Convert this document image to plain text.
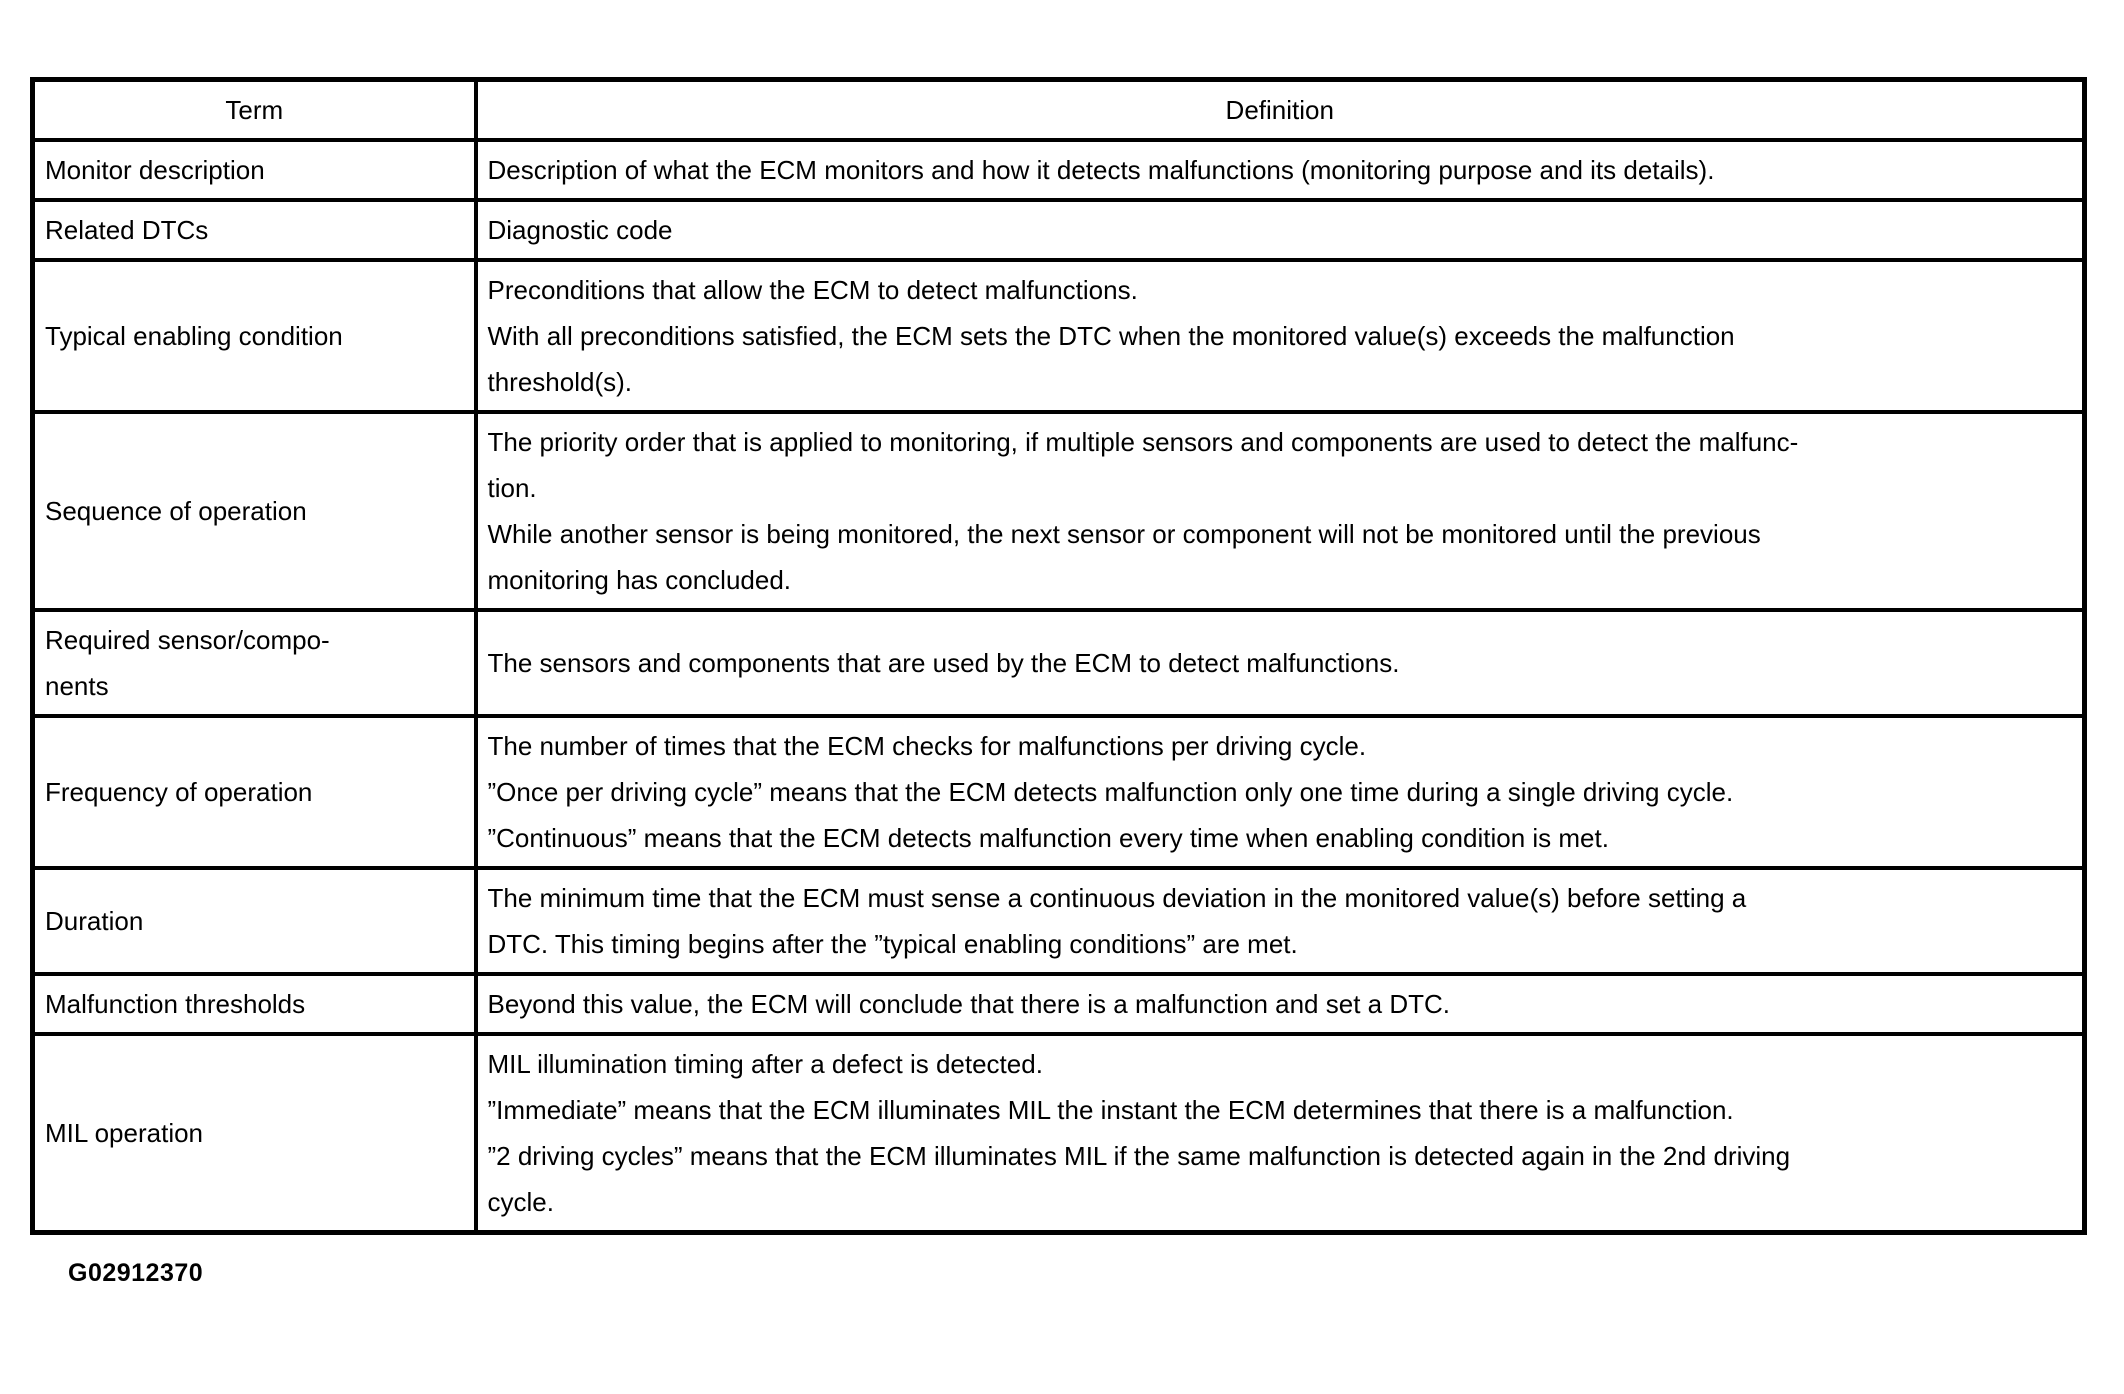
Term	Definition

Monitor description	Description of what the ECM monitors and how it detects malfunctions (monitoring purpose and its details).

Related DTCs	Diagnostic code

Typical enabling condition	Preconditions that allow the ECM to detect malfunctions.
With all preconditions satisfied, the ECM sets the DTC when the monitored value(s) exceeds the malfunction
threshold(s).

Sequence of operation	The priority order that is applied to monitoring, if multiple sensors and components are used to detect the malfunc-
tion.
While another sensor is being monitored, the next sensor or component will not be monitored until the previous
monitoring has concluded.

Required sensor/compo-
nents	The sensors and components that are used by the ECM to detect malfunctions.

Frequency of operation	The number of times that the ECM checks for malfunctions per driving cycle.
”Once per driving cycle” means that the ECM detects malfunction only one time during a single driving cycle.
”Continuous” means that the ECM detects malfunction every time when enabling condition is met.

Duration	The minimum time that the ECM must sense a continuous deviation in the monitored value(s) before setting a
DTC. This timing begins after the ”typical enabling conditions” are met.

Malfunction thresholds	Beyond this value, the ECM will conclude that there is a malfunction and set a DTC.

MIL operation	MIL illumination timing after a defect is detected.
”Immediate” means that the ECM illuminates MIL the instant the ECM determines that there is a malfunction.
”2 driving cycles” means that the ECM illuminates MIL if the same malfunction is detected again in the 2nd driving
cycle.
G02912370
